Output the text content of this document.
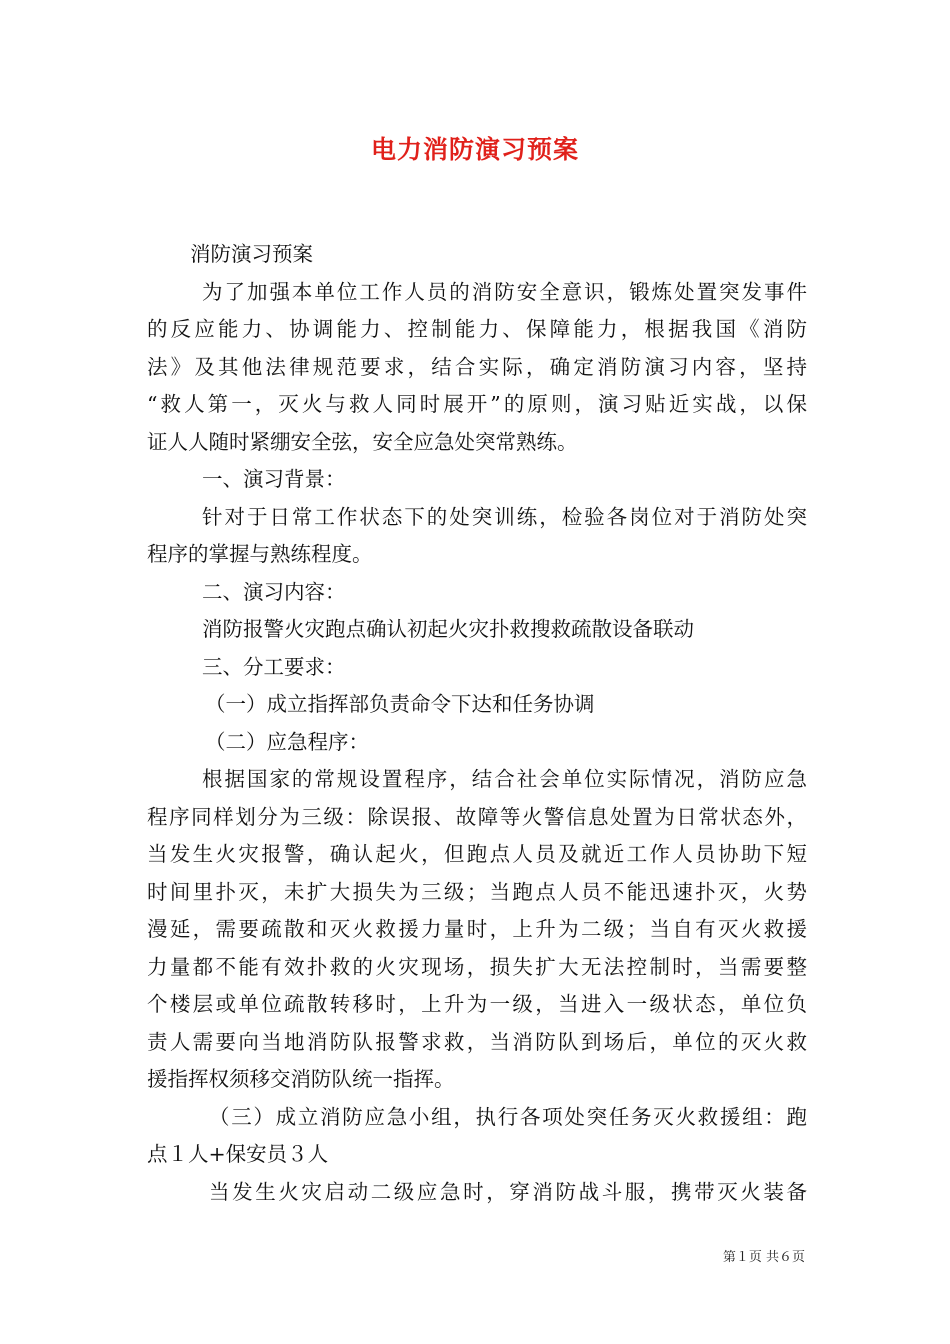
电力消防演习预案
消防演习预案
为了加强本单位工作人员的消防安全意识，锻炼处置突发事件
的反应能力、协调能力、控制能力、保障能力，根据我国《消防
法》及其他法律规范要求，结合实际，确定消防演习内容，坚持
“救人第一，灭火与救人同时展开”的原则，演习贴近实战，以保
证人人随时紧绷安全弦，安全应急处突常熟练。
一、演习背景：
针对于日常工作状态下的处突训练，检验各岗位对于消防处突
程序的掌握与熟练程度。
二、演习内容：
消防报警火灾跑点确认初起火灾扑救搜救疏散设备联动
三、分工要求：
（一）成立指挥部负责命令下达和任务协调
（二）应急程序：
根据国家的常规设置程序，结合社会单位实际情况，消防应急
程序同样划分为三级：除误报、故障等火警信息处置为日常状态外，
当发生火灾报警，确认起火，但跑点人员及就近工作人员协助下短
时间里扑灭，未扩大损失为三级；当跑点人员不能迅速扑灭，火势
漫延，需要疏散和灭火救援力量时，上升为二级；当自有灭火救援
力量都不能有效扑救的火灾现场，损失扩大无法控制时，当需要整
个楼层或单位疏散转移时，上升为一级，当进入一级状态，单位负
责人需要向当地消防队报警求救，当消防队到场后，单位的灭火救
援指挥权须移交消防队统一指挥。
（三）成立消防应急小组，执行各项处突任务灭火救援组：跑
点１人+保安员３人
当发生火灾启动二级应急时，穿消防战斗服，携带灭火装备
第１页 共６页
